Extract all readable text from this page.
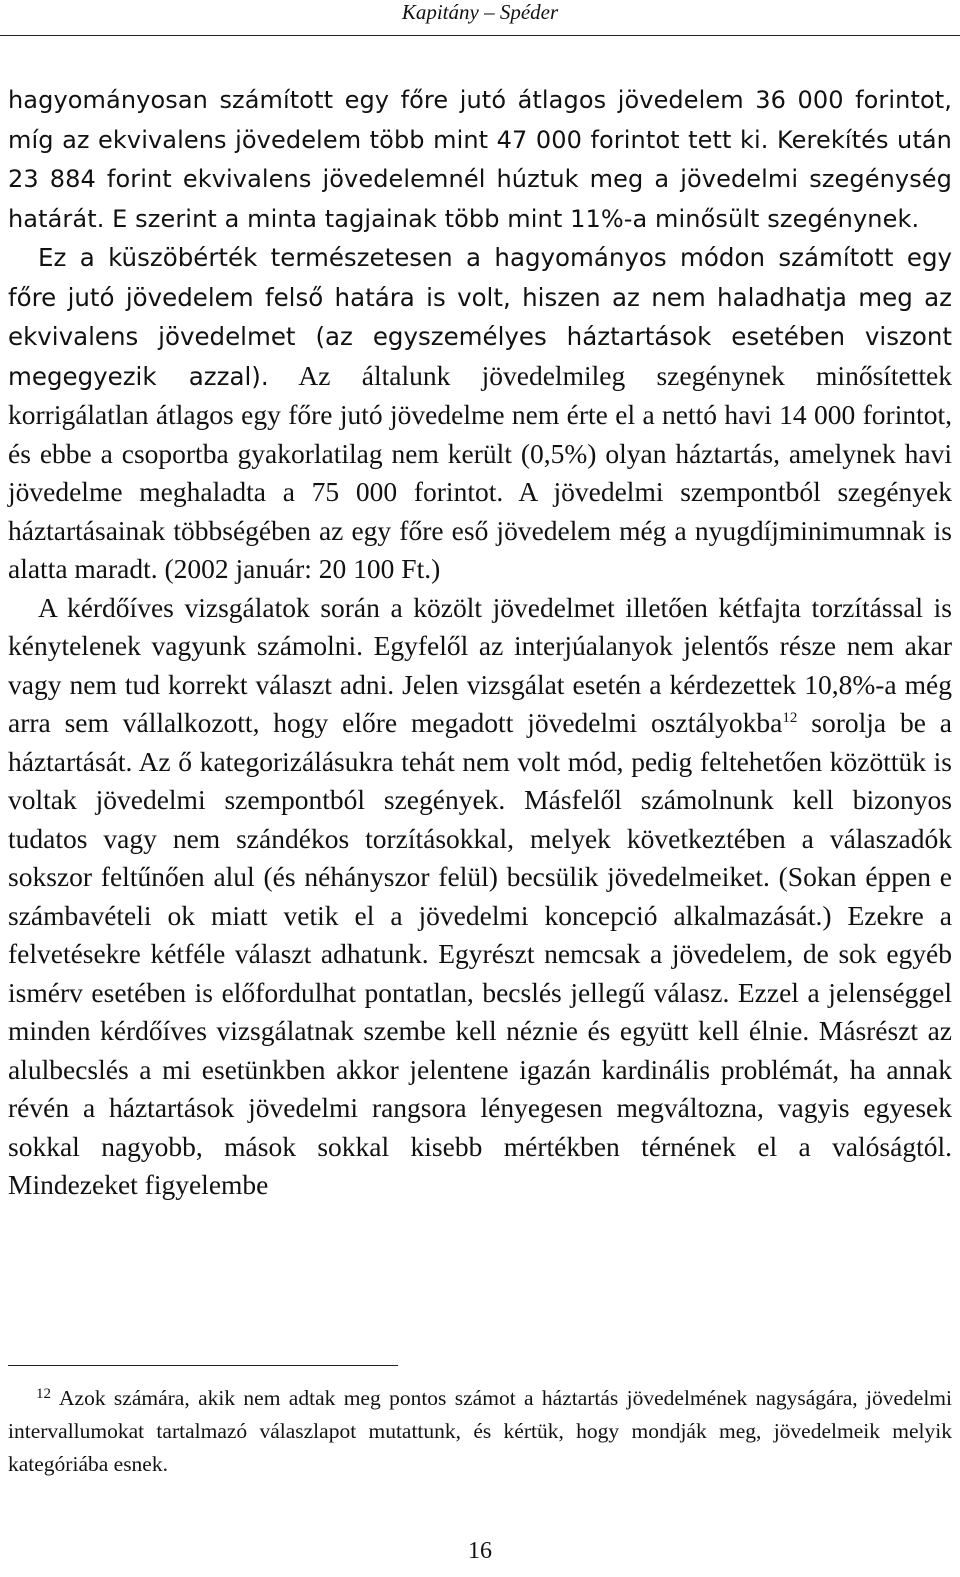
Kapitány – Spéder

hagyományosan számított egy főre jutó átlagos jövedelem 36 000 forintot, míg az ekvivalens jövedelem több mint 47 000 forintot tett ki. Kerekítés után 23 884 forint ekvivalens jövedelemnél húztuk meg a jövedelmi szegénység határát. E szerint a minta tagjainak több mint 11%-a minősült szegénynek.

Ez a küszöbérték természetesen a hagyományos módon számított egy főre jutó jövedelem felső határa is volt, hiszen az nem haladhatja meg az ekvivalens jövedelmet (az egyszemélyes háztartások esetében viszont megegyezik azzal). Az általunk jövedelmileg szegénynek minősítettek korrigálatlan átlagos egy főre jutó jövedelme nem érte el a nettó havi 14 000 forintot, és ebbe a csoportba gyakorlatilag nem került (0,5%) olyan háztartás, amelynek havi jövedelme meghaladta a 75 000 forintot. A jövedelmi szempontból szegények háztartásainak többségében az egy főre eső jövedelem még a nyugdíjminimumnak is alatta maradt. (2002 január: 20 100 Ft.)

A kérdőíves vizsgálatok során a közölt jövedelmet illetően kétfajta torzítással is kénytelenek vagyunk számolni. Egyfelől az interjúalanyok jelentős része nem akar vagy nem tud korrekt választ adni. Jelen vizsgálat esetén a kérdezettek 10,8%-a még arra sem vállalkozott, hogy előre megadott jövedelmi osztályokba$^{12}$ sorolja be a háztartását. Az ő kategorizálásukra tehát nem volt mód, pedig feltehetően közöttük is voltak jövedelmi szempontból szegények. Másfelől számolnunk kell bizonyos tudatos vagy nem szándékos torzításokkal, melyek következtében a válaszadók sokszor feltűnően alul (és néhányszor felül) becsülik jövedelmeiket. (Sokan éppen e számbavételi ok miatt vetik el a jövedelmi koncepció alkalmazását.) Ezekre a felvetésekre kétféle választ adhatunk. Egyrészt nemcsak a jövedelem, de sok egyéb ismérv esetében is előfordulhat pontatlan, becslés jellegű válasz. Ezzel a jelenséggel minden kérdőíves vizsgálatnak szembe kell néznie és együtt kell élnie. Másrészt az alulbecslés a mi esetünkben akkor jelentene igazán kardinális problémát, ha annak révén a háztartások jövedelmi rangsora lényegesen megváltozna, vagyis egyesek sokkal nagyobb, mások sokkal kisebb mértékben térnének el a valóságtól. Mindezeket figyelembe

$^{12}$ Azok számára, akik nem adtak meg pontos számot a háztartás jövedelmének nagyságára, jövedelmi intervallumokat tartalmazó válaszlapot mutattunk, és kértük, hogy mondják meg, jövedelmeik melyik kategóriába esnek.

16
